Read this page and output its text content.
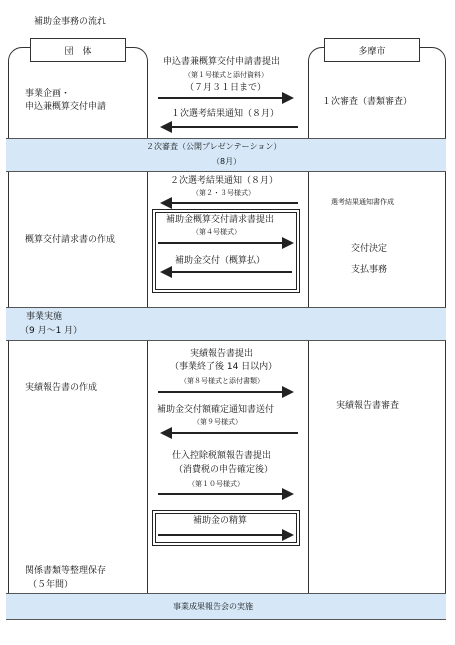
補助金事務の流れ
団　体	多摩市
事業企画・
申込兼概算交付申請
概算交付請求書の作成
事業実施
（9 月～1 月）
実績報告書の作成
関係書類等整理保存
（５年間）
１次審査（書類審査）
選考結果通知書作成
交付決定
支払事務
実績報告書審査
申込書兼概算交付申請書提出
（第１号様式と添付資料）
（７月３１日まで）
１次選考結果通知（８月）
２次審査（公開プレゼンテーション）
（8月）
２次選考結果通知（８月）
（第２・３号様式）
補助金概算交付請求書提出
（第４号様式）
補助金交付（概算払）
実績報告書提出
（事業終了後 14 日以内）
（第８号様式と添付書類）
補助金交付額確定通知書送付
（第９号様式）
仕入控除税額報告書提出
（消費税の申告確定後）
（第１０号様式）
補助金の精算
事業成果報告会の実施
